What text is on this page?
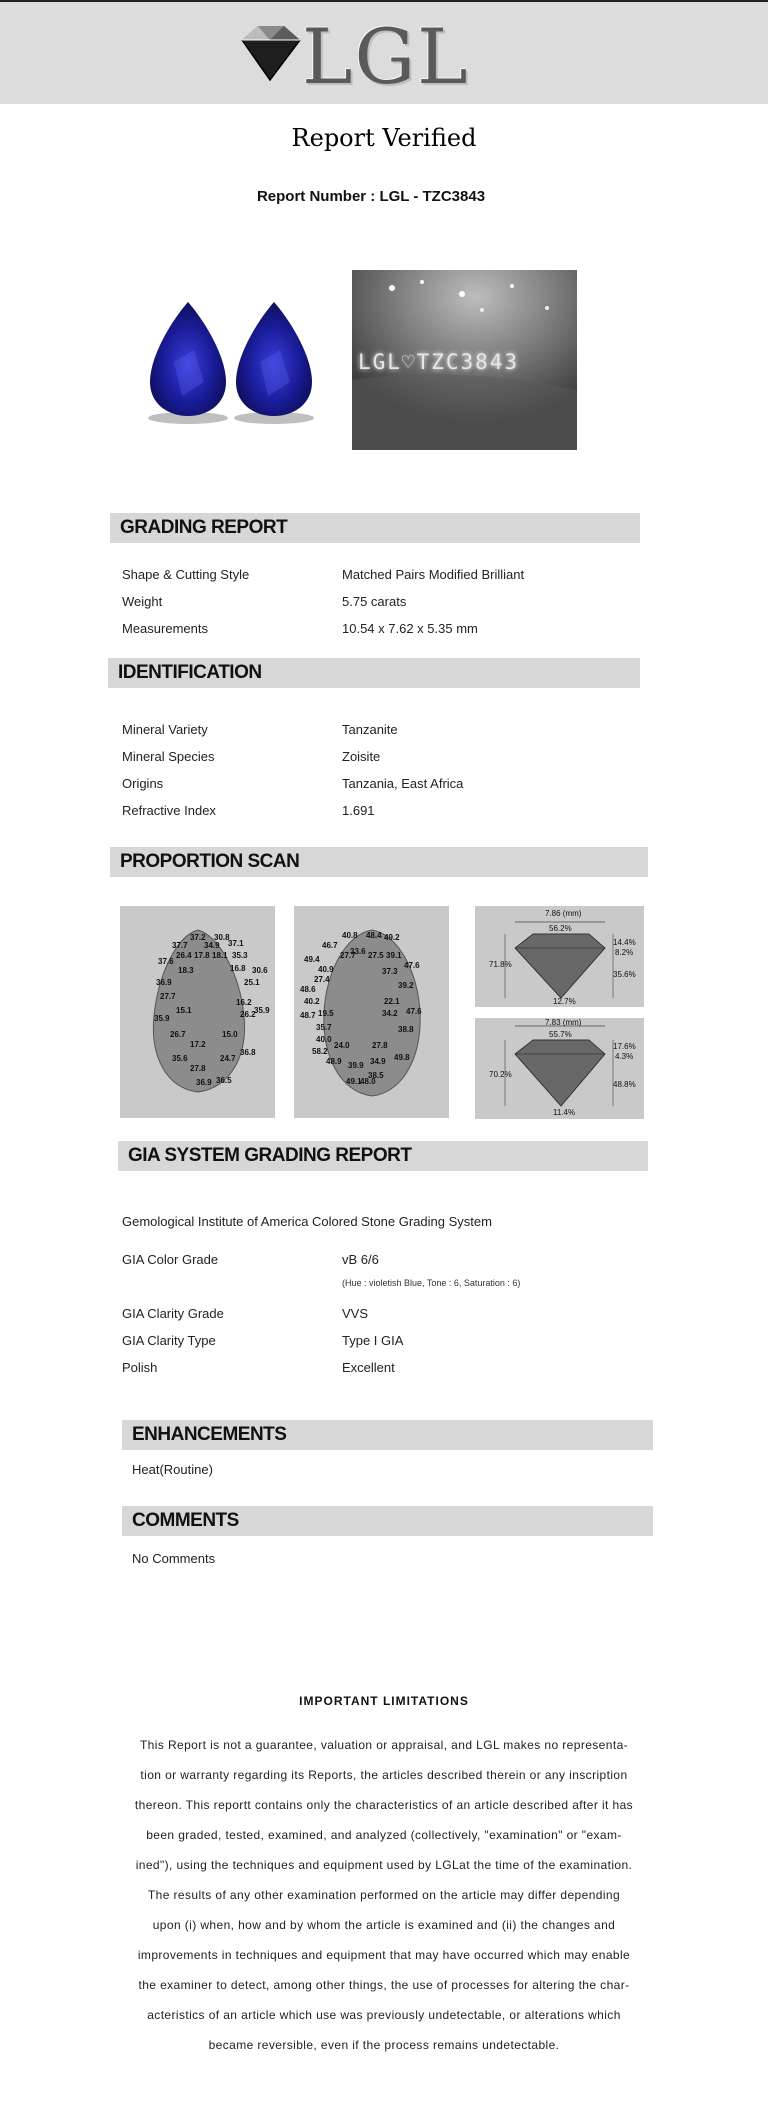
LGL
Report Verified
Report Number : LGL - TZC3843
LGL♡TZC3843
GRADING REPORT
Shape & Cutting Style	Matched Pairs Modified Brilliant
Weight	5.75 carats
Measurements	10.54 x 7.62 x 5.35 mm
IDENTIFICATION
Mineral Variety	Tanzanite
Mineral Species	Zoisite
Origins	Tanzania, East Africa
Refractive Index	1.691
PROPORTION SCAN
37.2 30.8
37.7 34.9 37.1
26.4 17.8 18.1 35.3
37.6
18.3	16.8
36.9
30.6
27.7
25.1
16.2
35.9
15.1
35.9	26.2
26.7	15.0
17.2
35.6	24.7
36.8
27.8
36.9 36.5
40.8 48.4
46.7
33.6
49.2
49.4
40.9
27.7 27.5 39.1
47.6
27.4
37.3
48.6
40.2
39.2
22.1
48.7 19.5	34.2 47.6
35.7	38.8
40.0
24.0	27.8
58.2
48.9 39.9 34.9
38.5
49.8
49.1
48.0
7.86 (mm)
56.2%
14.4%
8.2%
35.6%
71.8%
12.7%
7.83 (mm)
55.7%
17.6%
4.3%
48.8%
70.2%
11.4%
GIA SYSTEM GRADING REPORT
Gemological Institute of America Colored Stone Grading System
GIA Color Grade	vB 6/6
(Hue : violetish Blue, Tone : 6, Saturation : 6)
GIA Clarity Grade	VVS
GIA Clarity Type	Type I GIA
Polish	Excellent
ENHANCEMENTS
Heat(Routine)
COMMENTS
No Comments
IMPORTANT LIMITATIONS
This Report is not a guarantee, valuation or appraisal, and LGL makes no representa-
tion or warranty regarding its Reports, the articles described therein or any inscription
thereon. This reportt contains only the characteristics of an article described after it has
been graded, tested, examined, and analyzed (collectively, "examination" or "exam-
ined"), using the techniques and equipment used by LGLat the time of the examination.
The results of any other examination performed on the article may differ depending
upon (i) when, how and by whom the article is examined and (ii) the changes and
improvements in techniques and equipment that may have occurred which may enable
the examiner to detect, among other things, the use of processes for altering the char-
acteristics of an article which use was previously undetectable, or alterations which
became reversible, even if the process remains undetectable.
